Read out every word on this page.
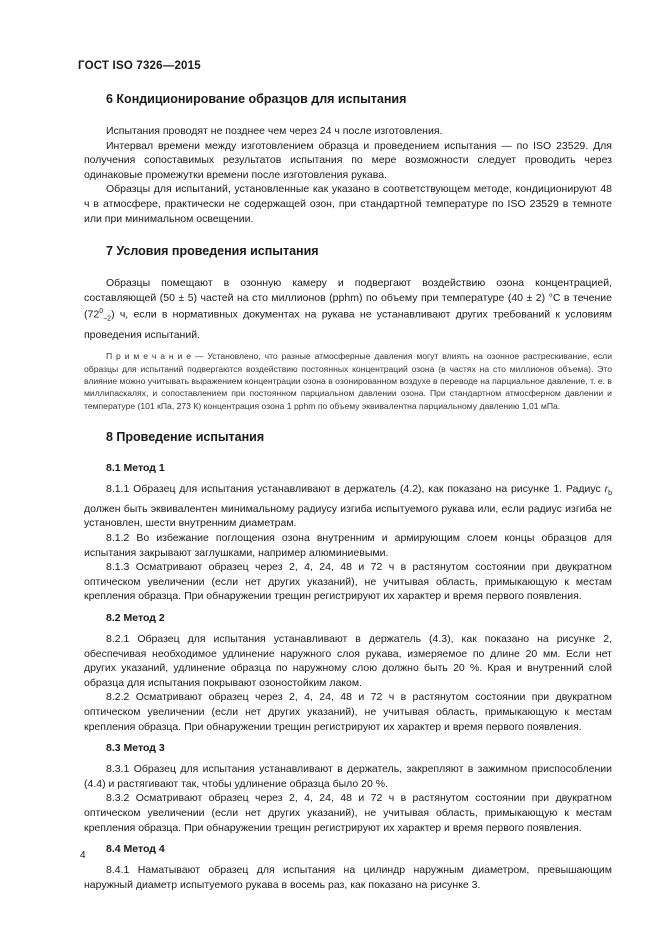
ГОСТ ISO 7326—2015
6 Кондиционирование образцов для испытания

Испытания проводят не позднее чем через 24 ч после изготовления.

Интервал времени между изготовлением образца и проведением испытания — по ISO 23529. Для получения сопоставимых результатов испытания по мере возможности следует проводить через одинаковые промежутки времени после изготовления рукава.

Образцы для испытаний, установленные как указано в соответствующем методе, кондиционируют 48 ч в атмосфере, практически не содержащей озон, при стандартной температуре по ISO 23529 в темноте или при минимальном освещении.

7 Условия проведения испытания

Образцы помещают в озонную камеру и подвергают воздействию озона концентрацией, составляющей (50 ± 5) частей на сто миллионов (pphm) по объему при температуре (40 ± 2) °С в течение $(72^0_{-2})$ ч, если в нормативных документах на рукава не устанавливают других требований к условиям проведения испытаний.

П р и м е ч а н и е — Установлено, что разные атмосферные давления могут влиять на озонное растрескивание, если образцы для испытаний подвергаются воздействию постоянных концентраций озона (в частях на сто миллионов объема). Это влияние можно учитывать выражением концентрации озона в озонированном воздухе в переводе на парциальное давление, т. е. в миллипаскалях, и сопоставлением при постоянном парциальном давлении озона. При стандартном атмосферном давлении и температуре (101 кПа, 273 К) концентрация озона 1 pphm по объему эквивалентна парциальному давлению 1,01 мПа.

8 Проведение испытания
8.1 Метод 1

8.1.1 Образец для испытания устанавливают в держатель (4.2), как показано на рисунке 1. Радиус $r_b$ должен быть эквивалентен минимальному радиусу изгиба испытуемого рукава или, если радиус изгиба не установлен, шести внутренним диаметрам.

8.1.2 Во избежание поглощения озона внутренним и армирующим слоем концы образцов для испытания закрывают заглушками, например алюминиевыми.

8.1.3 Осматривают образец через 2, 4, 24, 48 и 72 ч в растянутом состоянии при двукратном оптическом увеличении (если нет других указаний), не учитывая область, примыкающую к местам крепления образца. При обнаружении трещин регистрируют их характер и время первого появления.

8.2 Метод 2

8.2.1 Образец для испытания устанавливают в держатель (4.3), как показано на рисунке 2, обеспечивая необходимое удлинение наружного слоя рукава, измеряемое по длине 20 мм. Если нет других указаний, удлинение образца по наружному слою должно быть 20 %. Края и внутренний слой образца для испытания покрывают озоностойким лаком.

8.2.2 Осматривают образец через 2, 4, 24, 48 и 72 ч в растянутом состоянии при двукратном оптическом увеличении (если нет других указаний), не учитывая область, примыкающую к местам крепления образца. При обнаружении трещин регистрируют их характер и время первого появления.

8.3 Метод 3

8.3.1 Образец для испытания устанавливают в держатель, закрепляют в зажимном приспособлении (4.4) и растягивают так, чтобы удлинение образца было 20 %.

8.3.2 Осматривают образец через 2, 4, 24, 48 и 72 ч в растянутом состоянии при двукратном оптическом увеличении (если нет других указаний), не учитывая область, примыкающую к местам крепления образца. При обнаружении трещин регистрируют их характер и время первого появления.

8.4 Метод 4

8.4.1 Наматывают образец для испытания на цилиндр наружным диаметром, превышающим наружный диаметр испытуемого рукава в восемь раз, как показано на рисунке 3.

4
